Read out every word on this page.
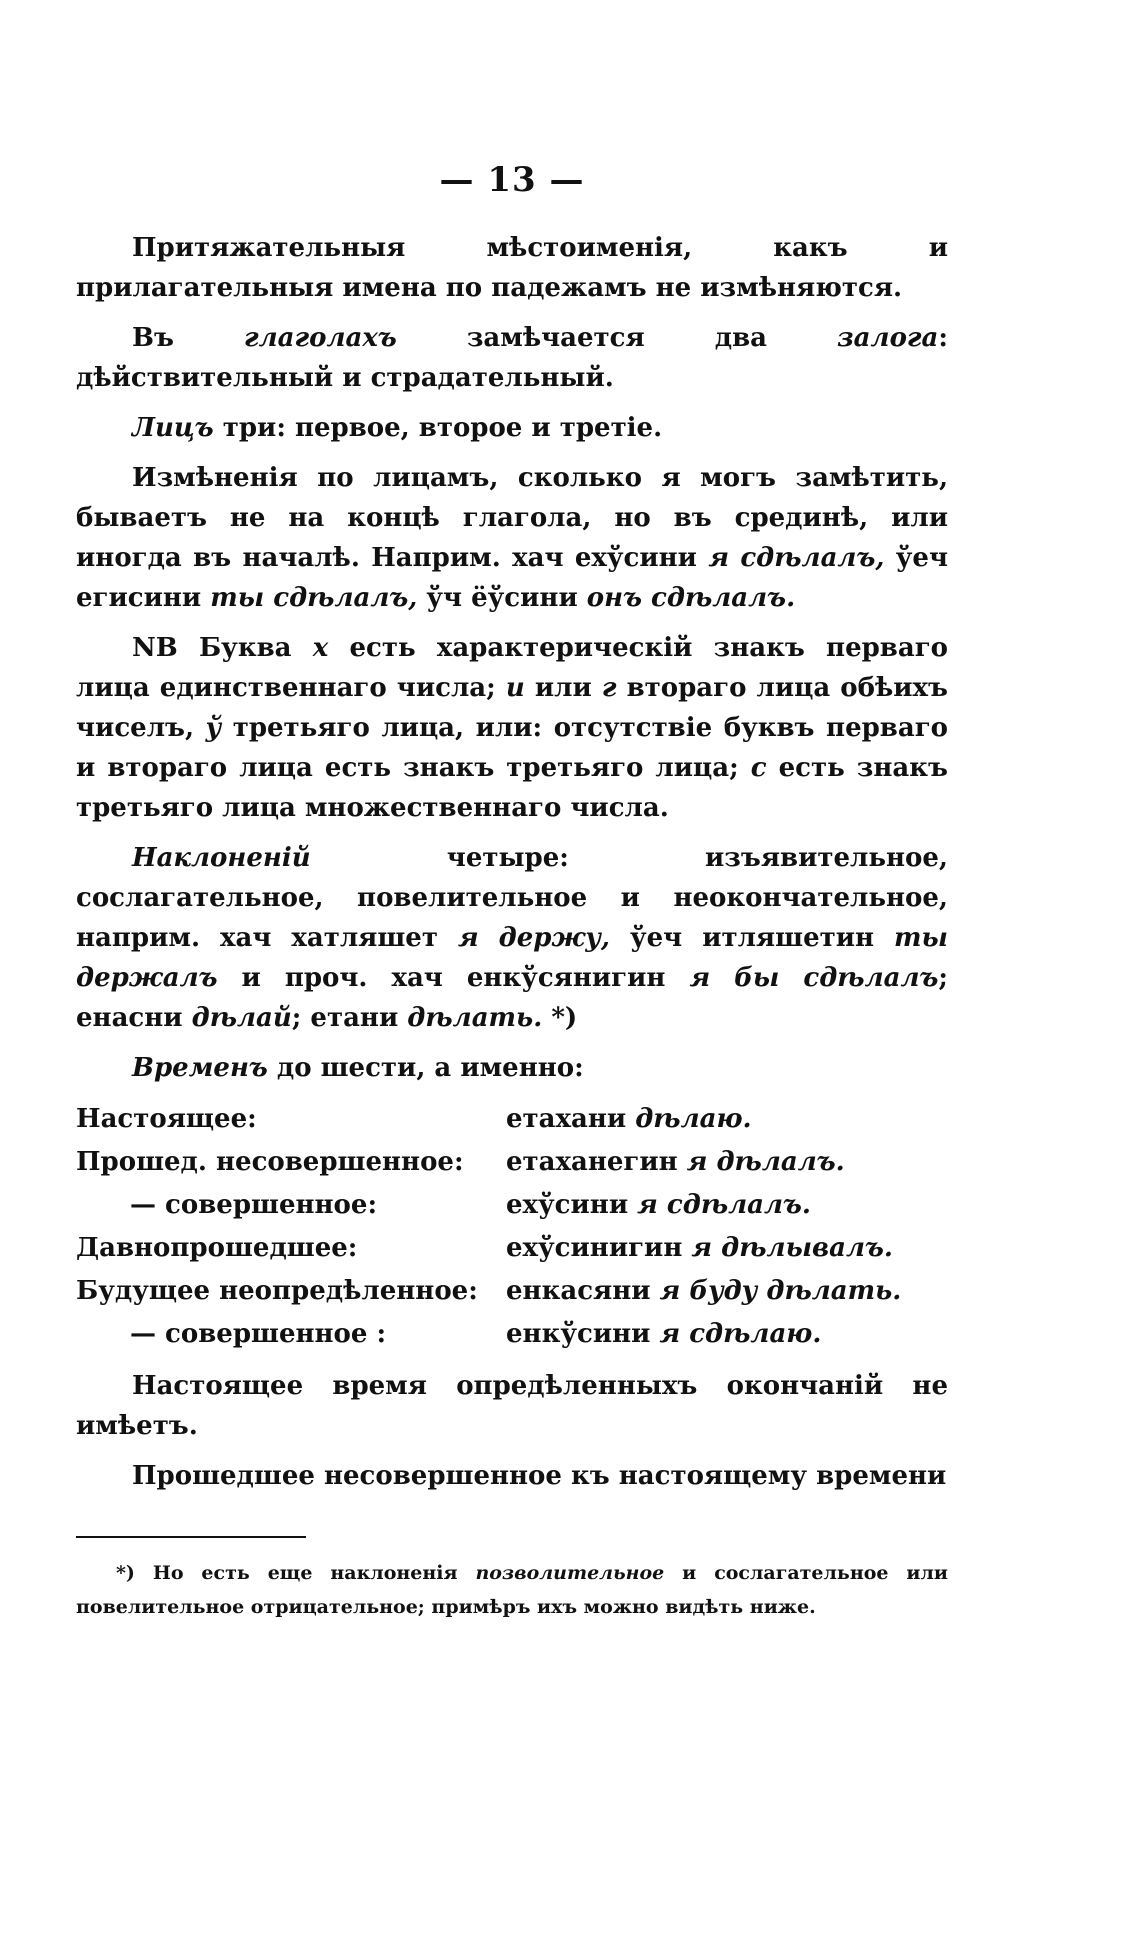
— 13 —

Притяжательныя мѣстоименія, какъ и прилагательныя имена по падежамъ не измѣняются.

Въ глаголахъ замѣчается два залога: дѣйствительный и страдательный.

Лицъ три: первое, второе и третіе.

Измѣненія по лицамъ, сколько я могъ замѣтить, бываетъ не на концѣ глагола, но въ срединѣ, или иногда въ началѣ. Наприм. хач ехўсини я сдѣлалъ, ўеч егисини ты сдѣлалъ, ўч ёўсини онъ сдѣлалъ.

NB Буква х есть характерическій знакъ перваго лица единственнаго числа; и или г втораго лица обѣихъ чиселъ, ў третьяго лица, или: отсутствіе буквъ перваго и втораго лица есть знакъ третьяго лица; с есть знакъ третьяго лица множественнаго числа.

Наклоненій четыре: изъявительное, сослагательное, повелительное и неокончательное, наприм. хач хатляшет я держу, ўеч итляшетин ты держалъ и проч. хач енкўсянигин я бы сдѣлалъ; енасни дѣлай; етани дѣлать. *)

Временъ до шести, а именно:

Настоящее:	етахани дѣлаю.
Прошед. несовершенное:	етаханегин я дѣлалъ.
— совершенное:	ехўсини я сдѣлалъ.
Давнопрошедшее:	ехўсинигин я дѣлывалъ.
Будущее неопредѣленное:	енкасяни я буду дѣлать.
— совершенное :	енкўсини я сдѣлаю.

Настоящее время опредѣленныхъ окончаній не имѣетъ.

Прошедшее несовершенное къ настоящему времени

*) Но есть еще наклоненія позволительное и сослагательное или повелительное отрицательное; примѣръ ихъ можно видѣть ниже.
